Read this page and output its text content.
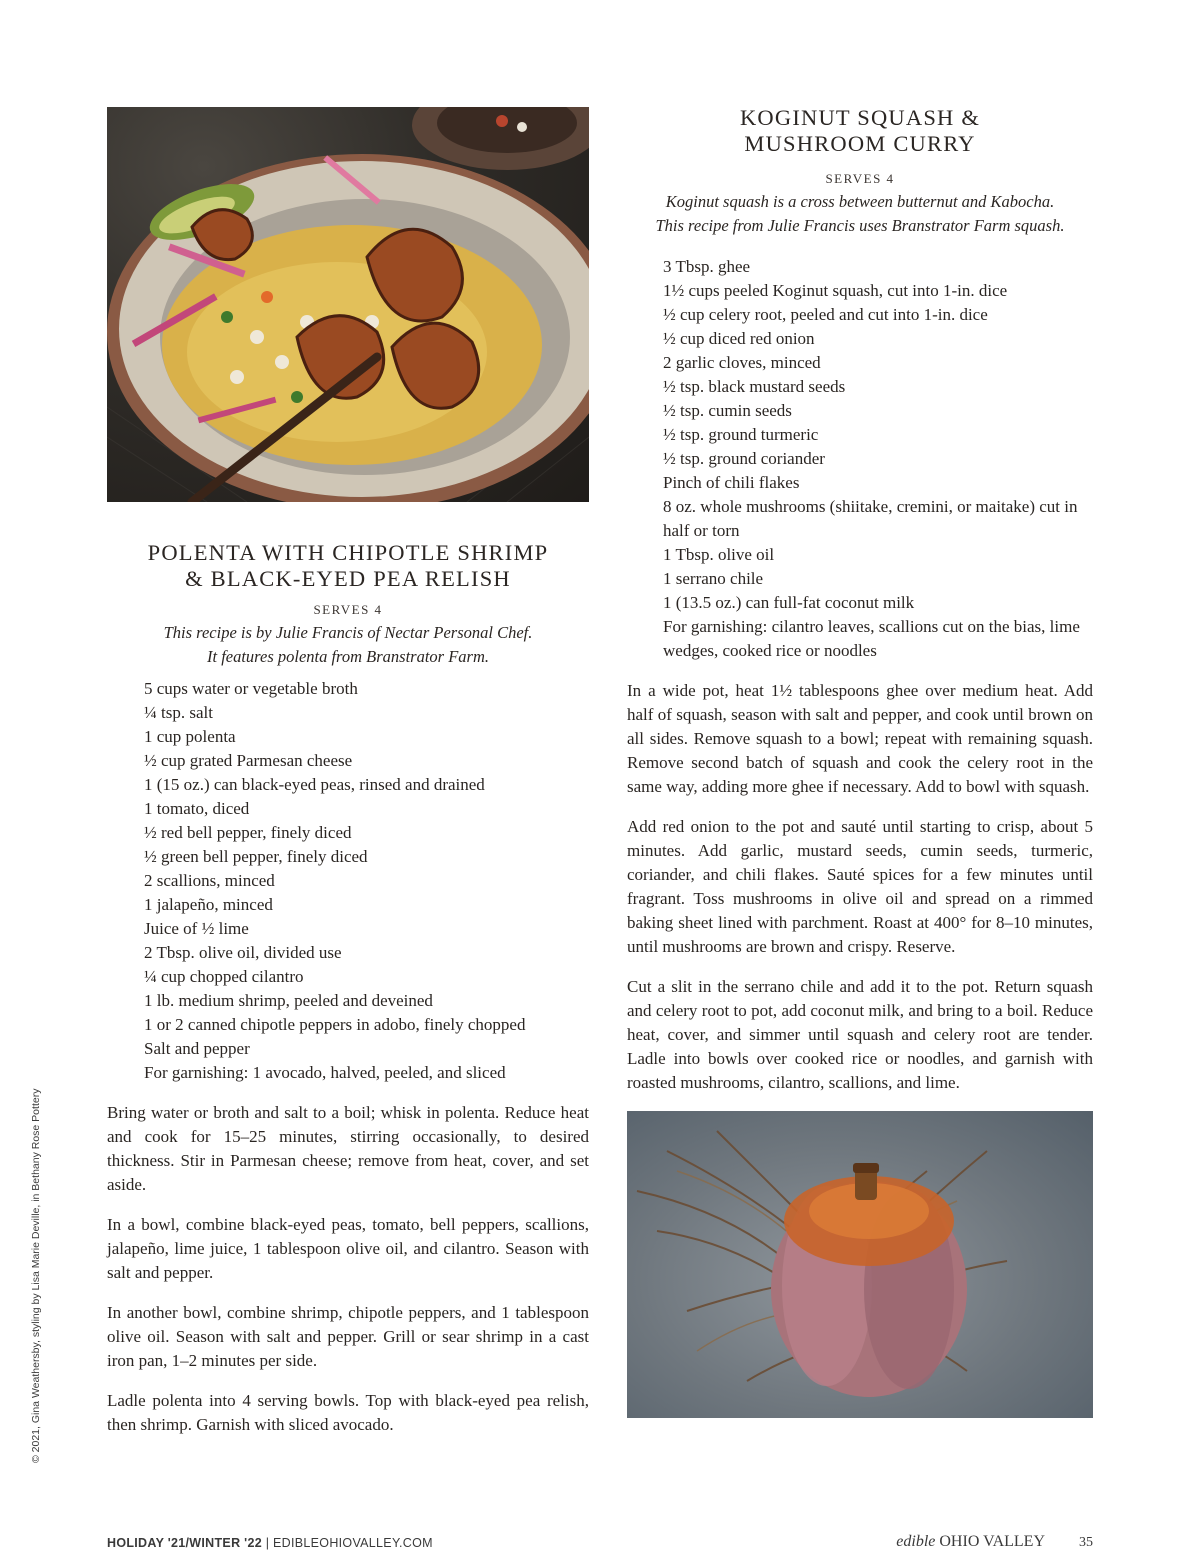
POLENTA WITH CHIPOTLE SHRIMP
& BLACK-EYED PEA RELISH

SERVES 4

This recipe is by Julie Francis of Nectar Personal Chef.
It features polenta from Branstrator Farm.

5 cups water or vegetable broth
¼ tsp. salt
1 cup polenta
½ cup grated Parmesan cheese
1 (15 oz.) can black-eyed peas, rinsed and drained
1 tomato, diced
½ red bell pepper, finely diced
½ green bell pepper, finely diced
2 scallions, minced
1 jalapeño, minced
Juice of ½ lime
2 Tbsp. olive oil, divided use
¼ cup chopped cilantro
1 lb. medium shrimp, peeled and deveined
1 or 2 canned chipotle peppers in adobo, finely chopped
Salt and pepper
For garnishing: 1 avocado, halved, peeled, and sliced

Bring water or broth and salt to a boil; whisk in polenta. Reduce heat and cook for 15–25 minutes, stirring occasionally, to desired thickness. Stir in Parmesan cheese; remove from heat, cover, and set aside.

In a bowl, combine black-eyed peas, tomato, bell peppers, scallions, jalapeño, lime juice, 1 tablespoon olive oil, and cilantro. Season with salt and pepper.

In another bowl, combine shrimp, chipotle peppers, and 1 tablespoon olive oil. Season with salt and pepper. Grill or sear shrimp in a cast iron pan, 1–2 minutes per side.

Ladle polenta into 4 serving bowls. Top with black-eyed pea relish, then shrimp. Garnish with sliced avocado.

KOGINUT SQUASH &
MUSHROOM CURRY

SERVES 4

Koginut squash is a cross between butternut and Kabocha.
This recipe from Julie Francis uses Branstrator Farm squash.

3 Tbsp. ghee
1½ cups peeled Koginut squash, cut into 1-in. dice
½ cup celery root, peeled and cut into 1-in. dice
½ cup diced red onion
2 garlic cloves, minced
½ tsp. black mustard seeds
½ tsp. cumin seeds
½ tsp. ground turmeric
½ tsp. ground coriander
Pinch of chili flakes
8 oz. whole mushrooms (shiitake, cremini, or maitake) cut in half or torn
1 Tbsp. olive oil
1 serrano chile
1 (13.5 oz.) can full-fat coconut milk
For garnishing: cilantro leaves, scallions cut on the bias, lime wedges, cooked rice or noodles

In a wide pot, heat 1½ tablespoons ghee over medium heat. Add half of squash, season with salt and pepper, and cook until brown on all sides. Remove squash to a bowl; repeat with remaining squash. Remove second batch of squash and cook the celery root in the same way, adding more ghee if necessary. Add to bowl with squash.

Add red onion to the pot and sauté until starting to crisp, about 5 minutes. Add garlic, mustard seeds, cumin seeds, turmeric, coriander, and chili flakes. Sauté spices for a few minutes until fragrant. Toss mushrooms in olive oil and spread on a rimmed baking sheet lined with parchment. Roast at 400° for 8–10 minutes, until mushrooms are brown and crispy. Reserve.

Cut a slit in the serrano chile and add it to the pot. Return squash and celery root to pot, add coconut milk, and bring to a boil. Reduce heat, cover, and simmer until squash and celery root are tender. Ladle into bowls over cooked rice or noodles, and garnish with roasted mushrooms, cilantro, scallions, and lime.

© 2021, Gina Weathersby, styling by Lisa Marie Deville, in Bethany Rose Pottery
HOLIDAY '21/WINTER '22 | EDIBLEOHIOVALLEY.COM	edible OHIO VALLEY 35
